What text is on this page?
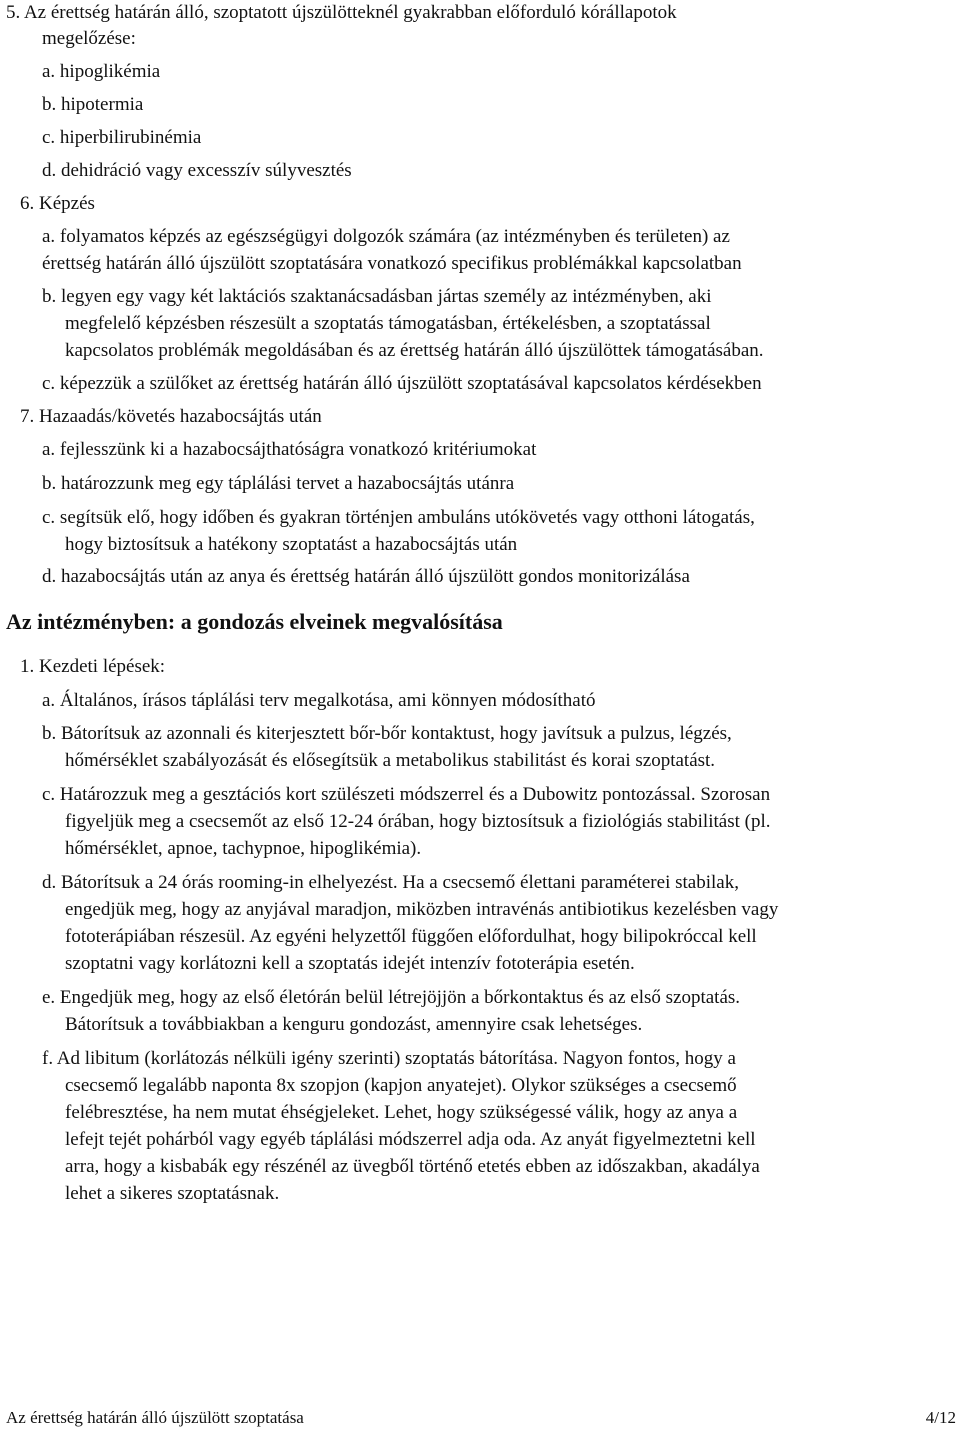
5. Az érettség határán álló, szoptatott újszülötteknél gyakrabban előforduló kórállapotok
megelőzése:
a. hipoglikémia
b. hipotermia
c. hiperbilirubinémia
d. dehidráció vagy excesszív súlyvesztés
6. Képzés
a. folyamatos képzés az egészségügyi dolgozók számára (az intézményben és területen) az
érettség határán álló újszülött szoptatására vonatkozó specifikus problémákkal kapcsolatban
b. legyen egy vagy két laktációs szaktanácsadásban jártas személy az intézményben, aki
megfelelő képzésben részesült a szoptatás támogatásban, értékelésben, a szoptatással
kapcsolatos problémák megoldásában és az érettség határán álló újszülöttek támogatásában.
c. képezzük a szülőket az érettség határán álló újszülött szoptatásával kapcsolatos kérdésekben
7. Hazaadás/követés hazabocsájtás után
a. fejlesszünk ki a hazabocsájthatóságra vonatkozó kritériumokat
b. határozzunk meg egy táplálási tervet a hazabocsájtás utánra
c. segítsük elő, hogy időben és gyakran történjen ambuláns utókövetés vagy otthoni látogatás,
hogy biztosítsuk a hatékony szoptatást a hazabocsájtás után
d. hazabocsájtás után az anya és érettség határán álló újszülött gondos monitorizálása
Az intézményben: a gondozás elveinek megvalósítása
1. Kezdeti lépések:
a. Általános, írásos táplálási terv megalkotása, ami könnyen módosítható
b. Bátorítsuk az azonnali és kiterjesztett bőr-bőr kontaktust, hogy javítsuk a pulzus, légzés,
hőmérséklet szabályozását és elősegítsük a metabolikus stabilitást és korai szoptatást.
c. Határozzuk meg a gesztációs kort szülészeti módszerrel és a Dubowitz pontozással. Szorosan
figyeljük meg a csecsemőt az első 12-24 órában, hogy biztosítsuk a fiziológiás stabilitást (pl.
hőmérséklet, apnoe, tachypnoe, hipoglikémia).
d. Bátorítsuk a 24 órás rooming-in elhelyezést. Ha a csecsemő élettani paraméterei stabilak,
engedjük meg, hogy az anyjával maradjon, miközben intravénás antibiotikus kezelésben vagy
fototerápiában részesül. Az egyéni helyzettől függően előfordulhat, hogy bilipokróccal kell
szoptatni vagy korlátozni kell a szoptatás idejét intenzív fototerápia esetén.
e. Engedjük meg, hogy az első életórán belül létrejöjjön a bőrkontaktus és az első szoptatás.
Bátorítsuk a továbbiakban a kenguru gondozást, amennyire csak lehetséges.
f. Ad libitum (korlátozás nélküli igény szerinti) szoptatás bátorítása. Nagyon fontos, hogy a
csecsemő legalább naponta 8x szopjon (kapjon anyatejet). Olykor szükséges a csecsemő
felébresztése, ha nem mutat éhségjeleket. Lehet, hogy szükségessé válik, hogy az anya a
lefejt tejét pohárból vagy egyéb táplálási módszerrel adja oda. Az anyát figyelmeztetni kell
arra, hogy a kisbabák egy részénél az üvegből történő etetés ebben az időszakban, akadálya
lehet a sikeres szoptatásnak.
Az érettség határán álló újszülött szoptatása	4/12
